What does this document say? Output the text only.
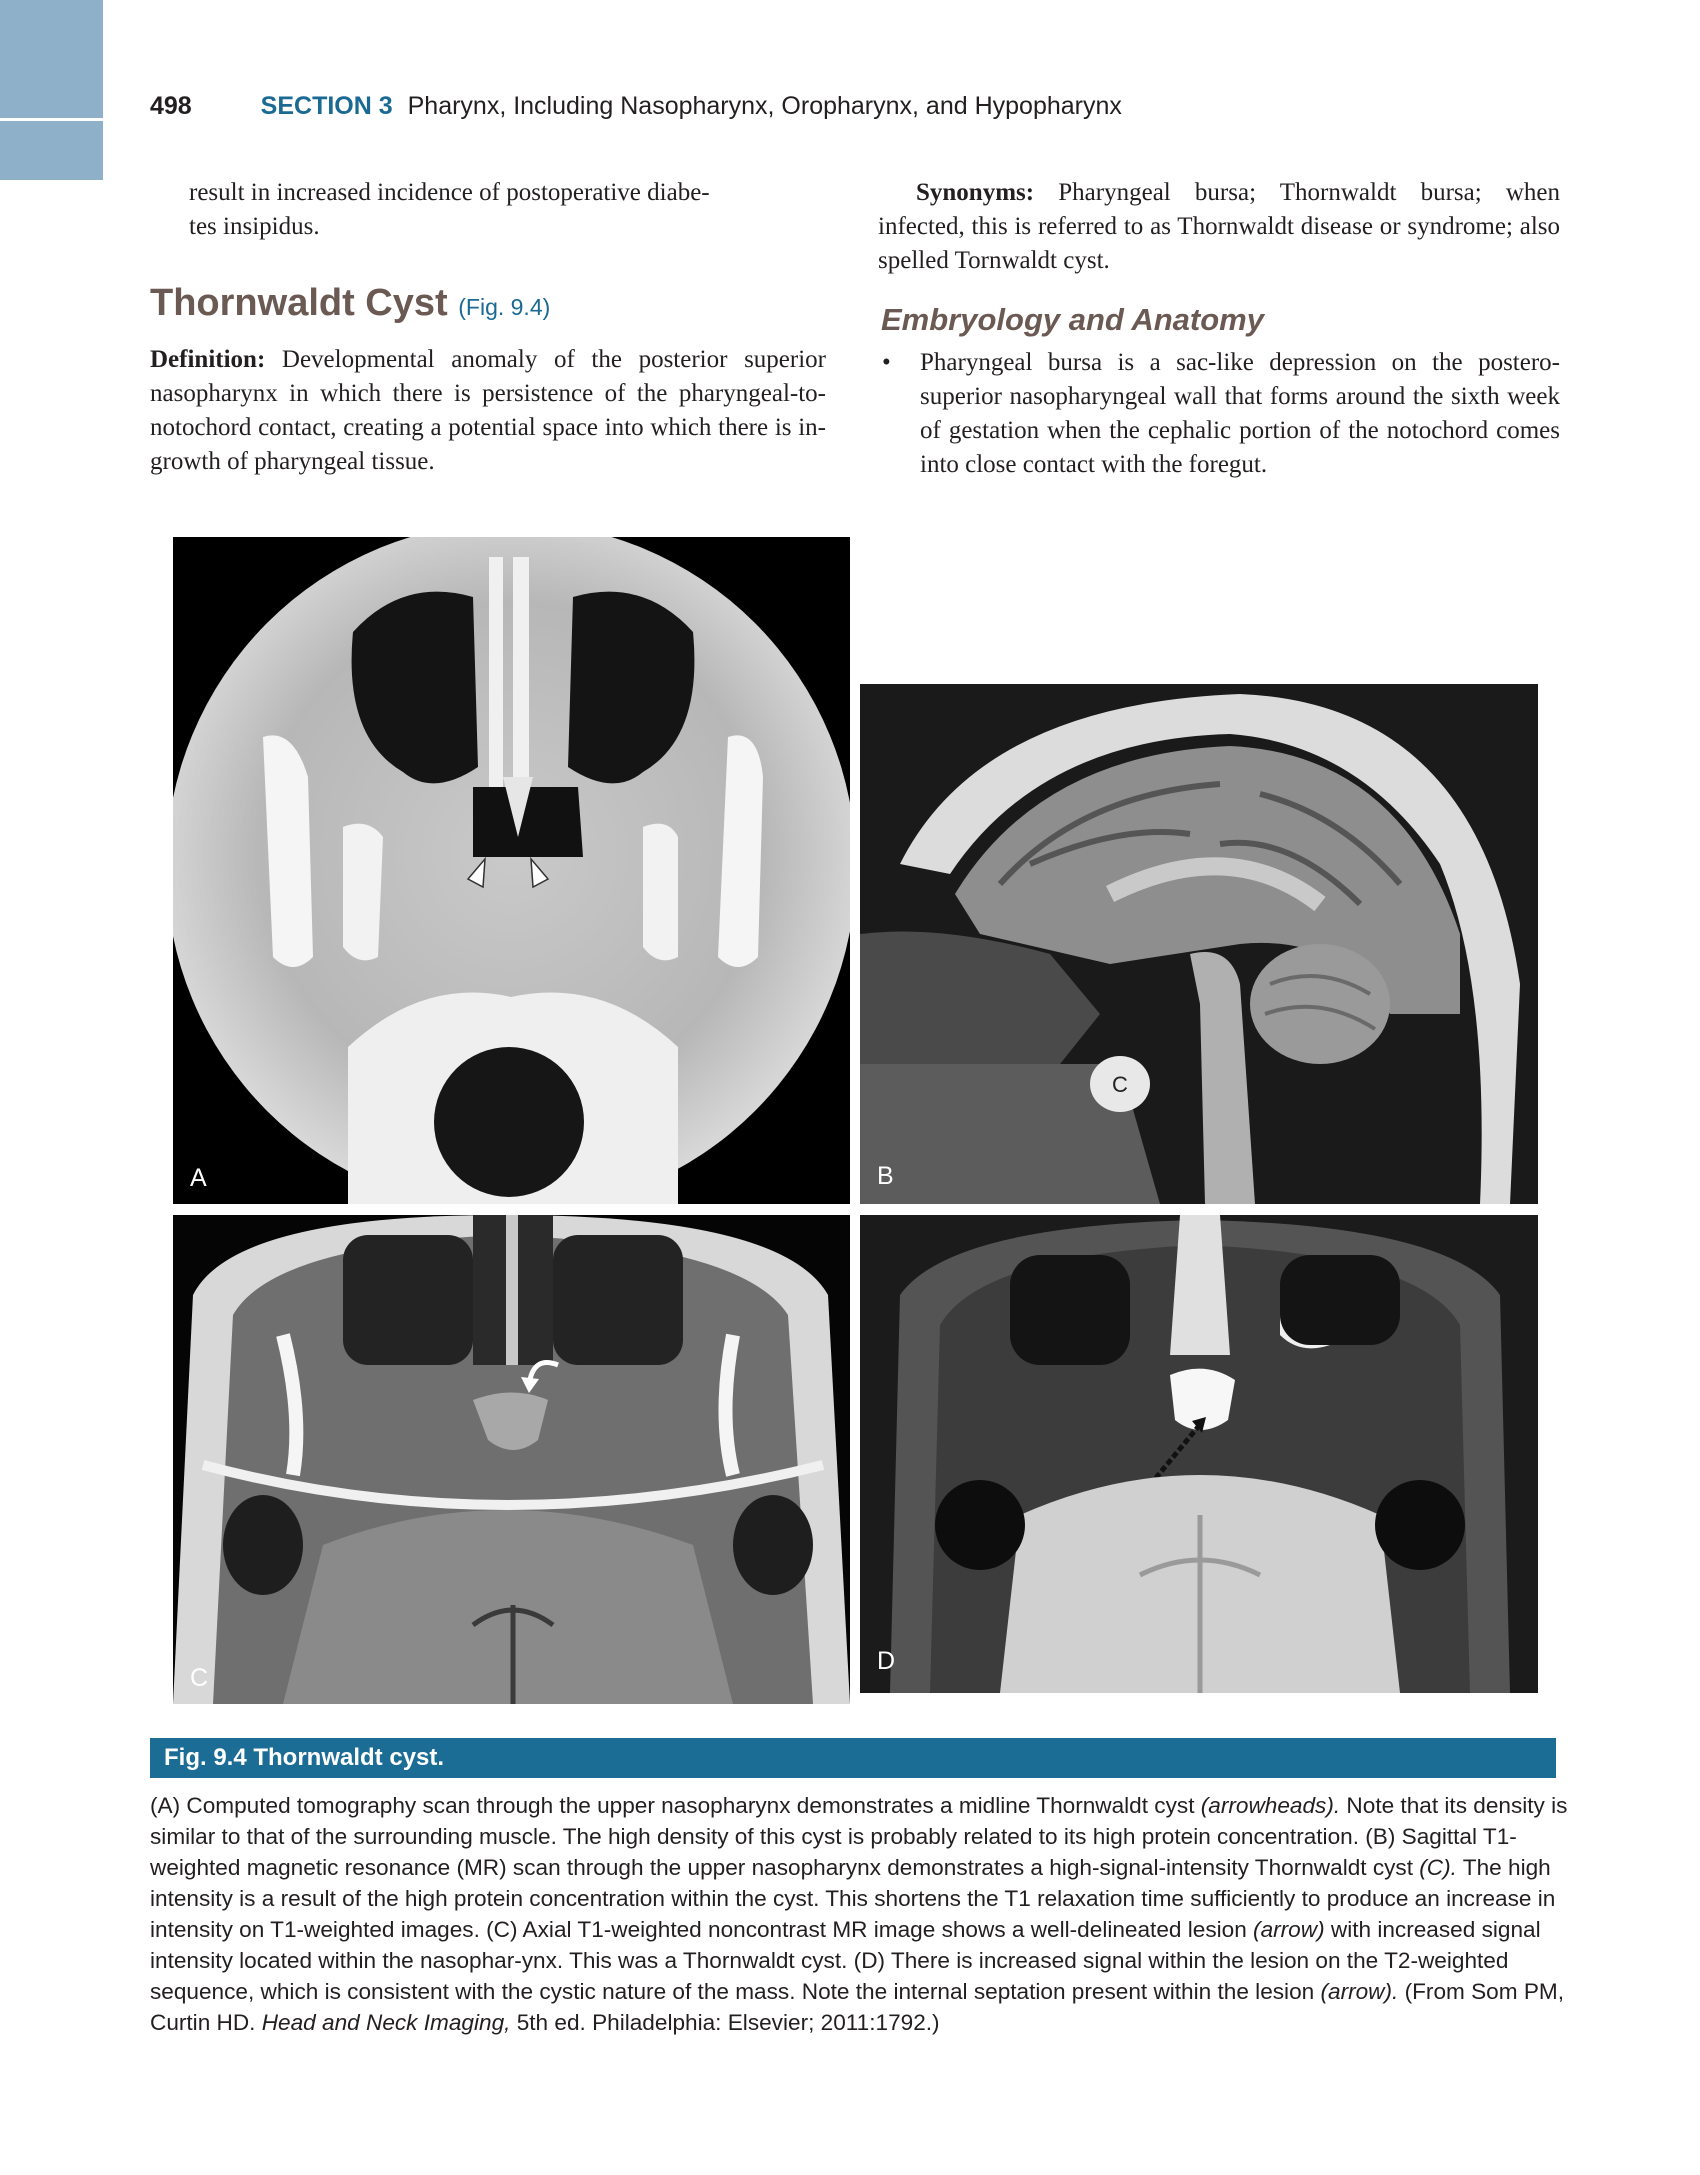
498	SECTION 3 Pharynx, Including Nasopharynx, Oropharynx, and Hypopharynx

result in increased incidence of postoperative diabe-

tes insipidus.

Thornwaldt Cyst (Fig. 9.4)

Definition: Developmental anomaly of the posterior superior nasopharynx in which there is persistence of the pharyngeal-to-notochord contact, creating a potential space into which there is in-growth of pharyngeal tissue.

Synonyms: Pharyngeal bursa; Thornwaldt bursa; when infected, this is referred to as Thornwaldt disease or syndrome; also spelled Tornwaldt cyst.

Embryology and Anatomy
• Pharyngeal bursa is a sac-like depression on the postero-superior nasopharyngeal wall that forms around the sixth week of gestation when the cephalic portion of the notochord comes into close contact with the foregut.
A
C
B
C
D
Fig. 9.4 Thornwaldt cyst.
(A) Computed tomography scan through the upper nasopharynx demonstrates a midline Thornwaldt cyst (arrowheads). Note that its density is similar to that of the surrounding muscle. The high density of this cyst is probably related to its high protein concentration. (B) Sagittal T1-weighted magnetic resonance (MR) scan through the upper nasopharynx demonstrates a high-signal-intensity Thornwaldt cyst (C). The high intensity is a result of the high protein concentration within the cyst. This shortens the T1 relaxation time sufficiently to produce an increase in intensity on T1-weighted images. (C) Axial T1-weighted noncontrast MR image shows a well-delineated lesion (arrow) with increased signal intensity located within the nasophar-ynx. This was a Thornwaldt cyst. (D) There is increased signal within the lesion on the T2-weighted sequence, which is consistent with the cystic nature of the mass. Note the internal septation present within the lesion (arrow). (From Som PM, Curtin HD. Head and Neck Imaging, 5th ed. Philadelphia: Elsevier; 2011:1792.)
